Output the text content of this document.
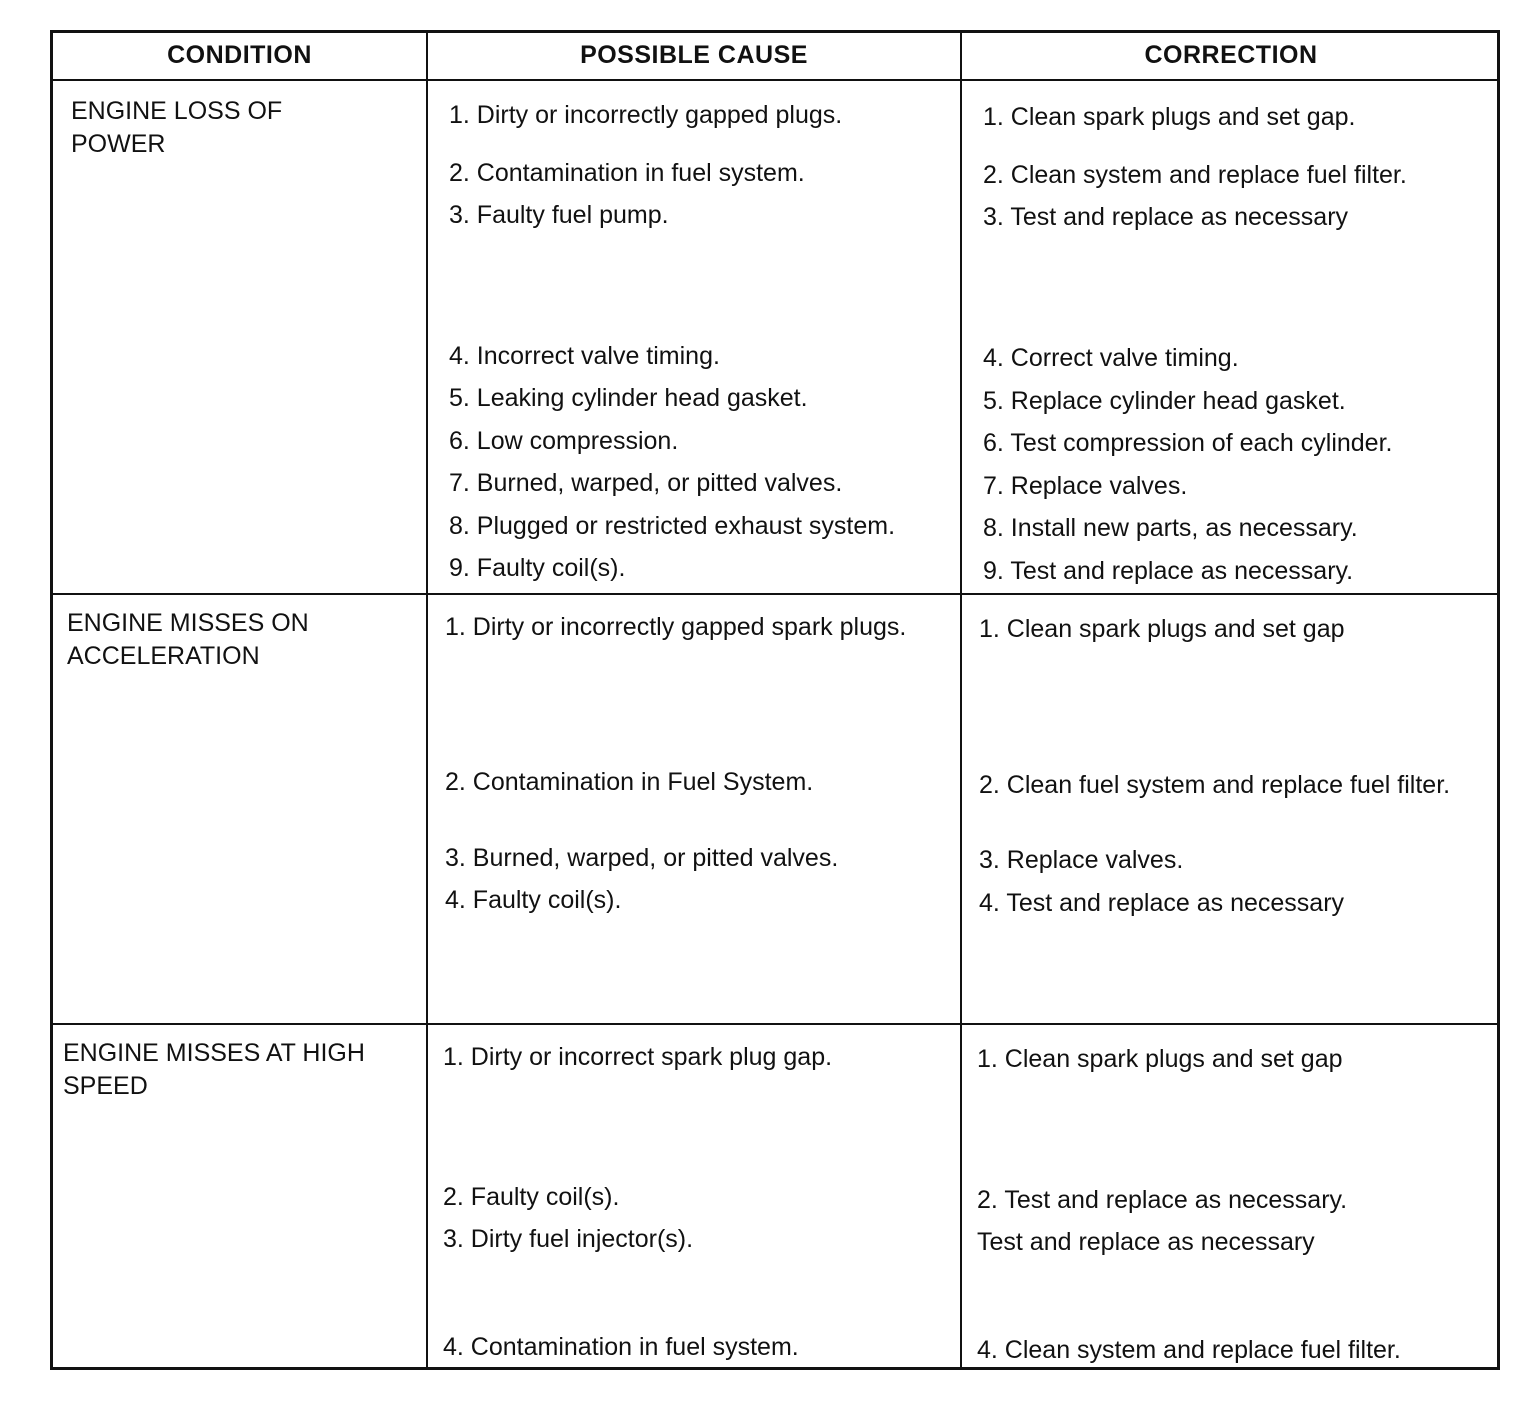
CONDITION	POSSIBLE CAUSE	CORRECTION
ENGINE LOSS OF POWER
1. Dirty or incorrectly gapped plugs.
2. Contamination in fuel system.
3. Faulty fuel pump.
4. Incorrect valve timing.
5. Leaking cylinder head gasket.
6. Low compression.
7. Burned, warped, or pitted valves.
8. Plugged or restricted exhaust system.
9. Faulty coil(s).
1. Clean spark plugs and set gap.
2. Clean system and replace fuel filter.
3. Test and replace as necessary
4. Correct valve timing.
5. Replace cylinder head gasket.
6. Test compression of each cylinder.
7. Replace valves.
8. Install new parts, as necessary.
9. Test and replace as necessary.
ENGINE MISSES ON ACCELERATION
1. Dirty or incorrectly gapped spark plugs.
2. Contamination in Fuel System.
3. Burned, warped, or pitted valves.
4. Faulty coil(s).
1. Clean spark plugs and set gap
2. Clean fuel system and replace fuel filter.
3. Replace valves.
4. Test and replace as necessary
ENGINE MISSES AT HIGH SPEED
1. Dirty or incorrect spark plug gap.
2. Faulty coil(s).
3. Dirty fuel injector(s).
4. Contamination in fuel system.
1. Clean spark plugs and set gap
2. Test and replace as necessary.
Test and replace as necessary
4. Clean system and replace fuel filter.
